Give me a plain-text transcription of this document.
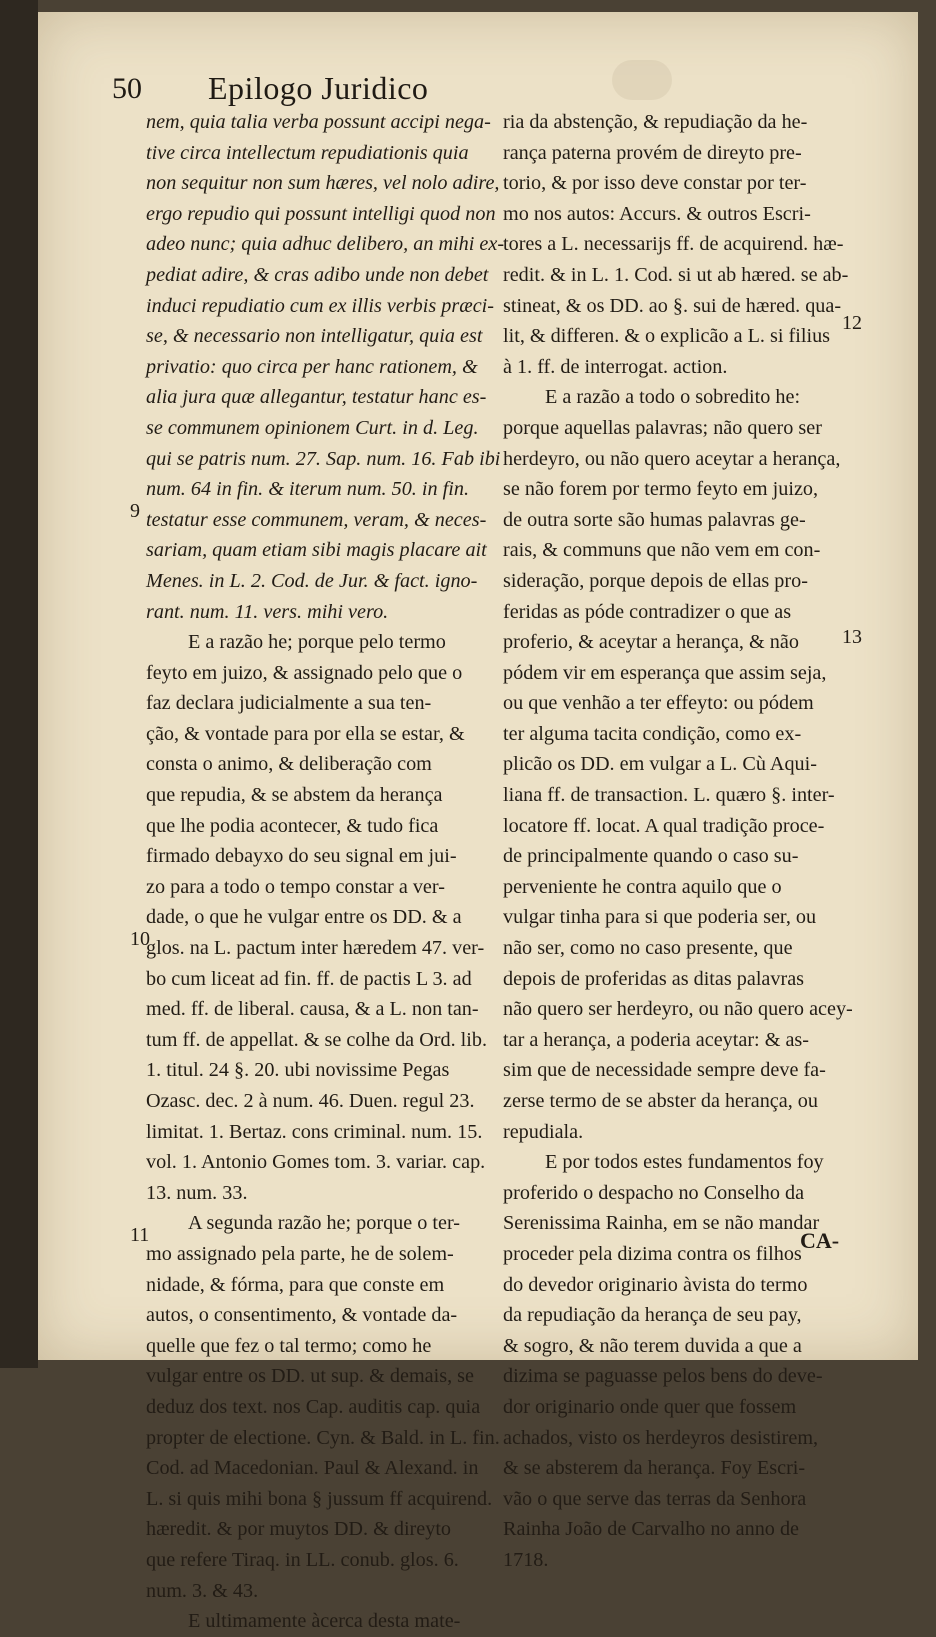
50 Epilogo Juridico
nem, quia talia verba possunt accipi nega-
tive circa intellectum repudiationis quia
non sequitur non sum hæres, vel nolo adire,
ergo repudio qui possunt intelligi quod non
adeo nunc; quia adhuc delibero, an mihi ex-
pediat adire, & cras adibo unde non debet
induci repudiatio cum ex illis verbis præci-
se, & necessario non intelligatur, quia est
privatio: quo circa per hanc rationem, &
alia jura quæ allegantur, testatur hanc es-
se communem opinionem Curt. in d. Leg.
qui se patris num. 27. Sap. num. 16. Fab ibi
num. 64 in fin. & iterum num. 50. in fin.
testatur esse communem, veram, & neces-
sariam, quam etiam sibi magis placare ait
Menes. in L. 2. Cod. de Jur. & fact. igno-
rant. num. 11. vers. mihi vero.
E a razão he; porque pelo termo
feyto em juizo, & assignado pelo que o
faz declara judicialmente a sua ten-
ção, & vontade para por ella se estar, &
consta o animo, & deliberação com
que repudia, & se abstem da herança
que lhe podia acontecer, & tudo fica
firmado debayxo do seu signal em jui-
zo para a todo o tempo constar a ver-
dade, o que he vulgar entre os DD. & a
glos. na L. pactum inter hæredem 47. ver-
bo cum liceat ad fin. ff. de pactis L 3. ad
med. ff. de liberal. causa, & a L. non tan-
tum ff. de appellat. & se colhe da Ord. lib.
1. titul. 24 §. 20. ubi novissime Pegas
Ozasc. dec. 2 à num. 46. Duen. regul 23.
limitat. 1. Bertaz. cons criminal. num. 15.
vol. 1. Antonio Gomes tom. 3. variar. cap.
13. num. 33.
A segunda razão he; porque o ter-
mo assignado pela parte, he de solem-
nidade, & fórma, para que conste em
autos, o consentimento, & vontade da-
quelle que fez o tal termo; como he
vulgar entre os DD. ut sup. & demais, se
deduz dos text. nos Cap. auditis cap. quia
propter de electione. Cyn. & Bald. in L. fin.
Cod. ad Macedonian. Paul & Alexand. in
L. si quis mihi bona § jussum ff acquirend.
hæredit. & por muytos DD. & direyto
que refere Tiraq. in LL. conub. glos. 6.
num. 3. & 43.
E ultimamente àcerca desta mate-
ria da abstenção, & repudiação da he-
rança paterna provém de direyto pre-
torio, & por isso deve constar por ter-
mo nos autos: Accurs. & outros Escri-
tores a L. necessarijs ff. de acquirend. hæ-
redit. & in L. 1. Cod. si ut ab hæred. se ab-
stineat, & os DD. ao §. sui de hæred. qua-
lit, & differen. & o explicão a L. si filius
à 1. ff. de interrogat. action.
E a razão a todo o sobredito he:
porque aquellas palavras; não quero ser
herdeyro, ou não quero aceytar a herança,
se não forem por termo feyto em juizo,
de outra sorte são humas palavras ge-
rais, & communs que não vem em con-
sideração, porque depois de ellas pro-
feridas as póde contradizer o que as
proferio, & aceytar a herança, & não
pódem vir em esperança que assim seja,
ou que venhão a ter effeyto: ou pódem
ter alguma tacita condição, como ex-
plicão os DD. em vulgar a L. Cù Aqui-
liana ff. de transaction. L. quæro §. inter-
locatore ff. locat. A qual tradição proce-
de principalmente quando o caso su-
perveniente he contra aquilo que o
vulgar tinha para si que poderia ser, ou
não ser, como no caso presente, que
depois de proferidas as ditas palavras
não quero ser herdeyro, ou não quero acey-
tar a herança, a poderia aceytar: & as-
sim que de necessidade sempre deve fa-
zerse termo de se abster da herança, ou
repudiala.
E por todos estes fundamentos foy
proferido o despacho no Conselho da
Serenissima Rainha, em se não mandar
proceder pela dizima contra os filhos
do devedor originario àvista do termo
da repudiação da herança de seu pay,
& sogro, & não terem duvida a que a
dizima se paguasse pelos bens do deve-
dor originario onde quer que fossem
achados, visto os herdeyros desistirem,
& se absterem da herança. Foy Escri-
vão o que serve das terras da Senhora
Rainha João de Carvalho no anno de
1718.
9
10
11
12
13
CA-
